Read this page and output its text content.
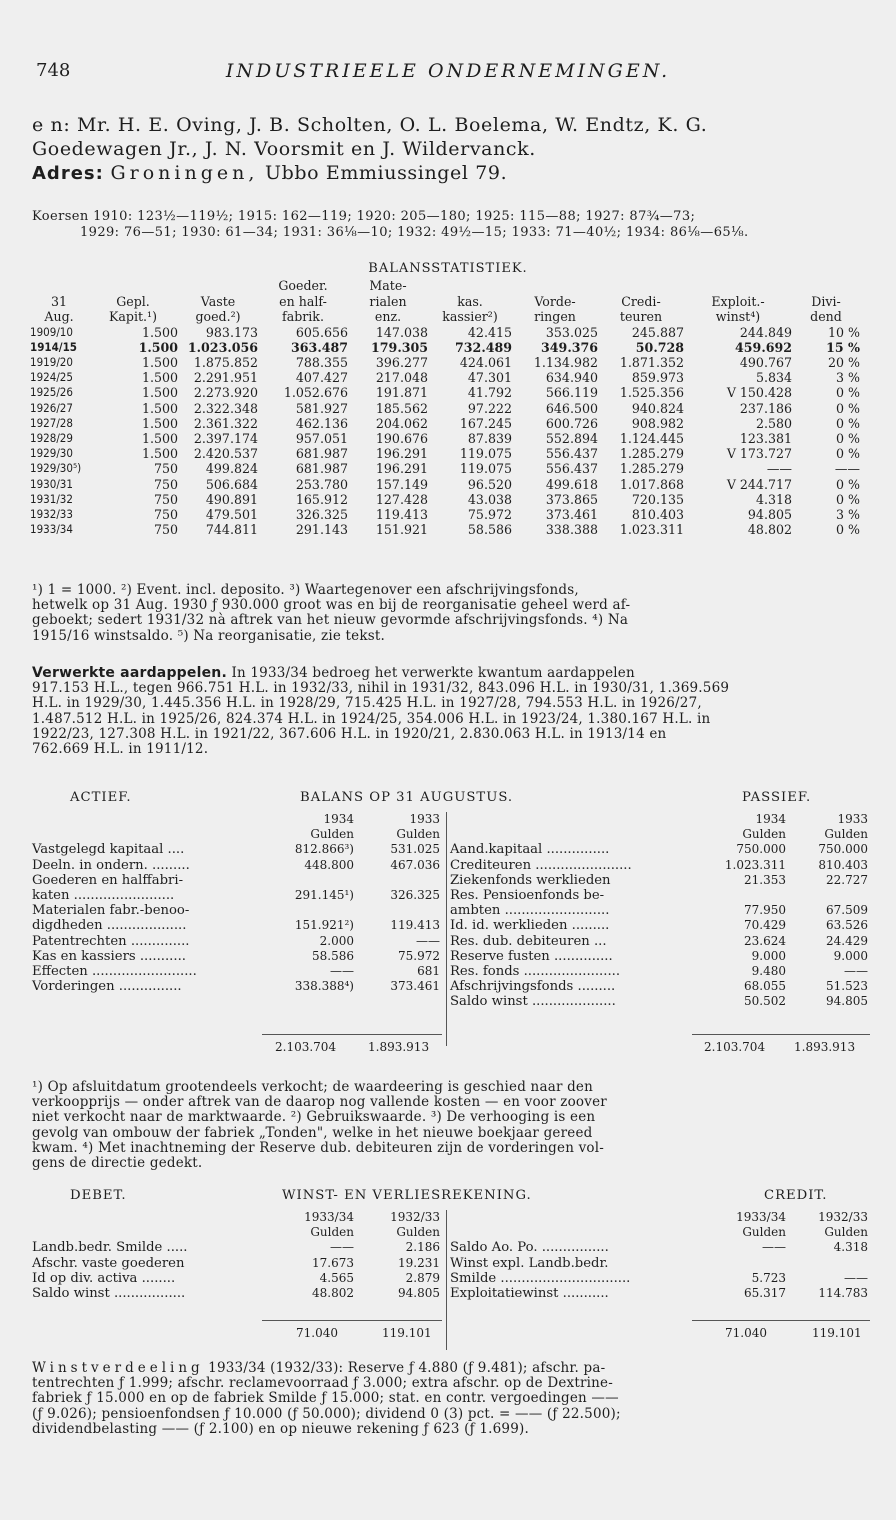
748	INDUSTRIEELE ONDERNEMINGEN.
e n: Mr. H. E. Oving, J. B. Scholten, O. L. Boelema, W. Endtz, K. G.
Goedewagen Jr., J. N. Voorsmit en J. Wildervanck.
Adres: Groningen, Ubbo Emmiussingel 79.
Koersen 1910: 123½—119½; 1915: 162—119; 1920: 205—180; 1925: 115—88; 1927: 87¾—73;
1929: 76—51; 1930: 61—34; 1931: 36⅛—10; 1932: 49½—15; 1933: 71—40½; 1934: 86⅛—65⅛.
BALANSSTATISTIEK.
			Goeder.	Mate-					
31	Gepl.	Vaste	en half-	rialen	kas.	Vorde-	Credi-	Exploit.-	Divi-
Aug.	Kapit.¹)	goed.²)	fabrik.	enz.	kassier²)	ringen	teuren	winst⁴)	dend
1909/10	1.500	983.173	605.656	147.038	42.415	353.025	245.887	244.849	10 %
1914/15	1.500	1.023.056	363.487	179.305	732.489	349.376	50.728	459.692	15 %
1919/20	1.500	1.875.852	788.355	396.277	424.061	1.134.982	1.871.352	490.767	20 %
1924/25	1.500	2.291.951	407.427	217.048	47.301	634.940	859.973	5.834	3 %
1925/26	1.500	2.273.920	1.052.676	191.871	41.792	566.119	1.525.356	V 150.428	0 %
1926/27	1.500	2.322.348	581.927	185.562	97.222	646.500	940.824	237.186	0 %
1927/28	1.500	2.361.322	462.136	204.062	167.245	600.726	908.982	2.580	0 %
1928/29	1.500	2.397.174	957.051	190.676	87.839	552.894	1.124.445	123.381	0 %
1929/30	1.500	2.420.537	681.987	196.291	119.075	556.437	1.285.279	V 173.727	0 %
1929/30⁵)	750	499.824	681.987	196.291	119.075	556.437	1.285.279	——	——
1930/31	750	506.684	253.780	157.149	96.520	499.618	1.017.868	V 244.717	0 %
1931/32	750	490.891	165.912	127.428	43.038	373.865	720.135	4.318	0 %
1932/33	750	479.501	326.325	119.413	75.972	373.461	810.403	94.805	3 %
1933/34	750	744.811	291.143	151.921	58.586	338.388	1.023.311	48.802	0 %
¹) 1 = 1000. ²) Event. incl. deposito. ³) Waartegenover een afschrijvingsfonds,
hetwelk op 31 Aug. 1930 ƒ 930.000 groot was en bij de reorganisatie geheel werd af-
geboekt; sedert 1931/32 nà aftrek van het nieuw gevormde afschrijvingsfonds. ⁴) Na
1915/16 winstsaldo. ⁵) Na reorganisatie, zie tekst.
Verwerkte aardappelen. In 1933/34 bedroeg het verwerkte kwantum aardappelen
917.153 H.L., tegen 966.751 H.L. in 1932/33, nihil in 1931/32, 843.096 H.L. in 1930/31, 1.369.569
H.L. in 1929/30, 1.445.356 H.L. in 1928/29, 715.425 H.L. in 1927/28, 794.553 H.L. in 1926/27,
1.487.512 H.L. in 1925/26, 824.374 H.L. in 1924/25, 354.006 H.L. in 1923/24, 1.380.167 H.L. in
1922/23, 127.308 H.L. in 1921/22, 367.606 H.L. in 1920/21, 2.830.063 H.L. in 1913/14 en
762.669 H.L. in 1911/12.
ACTIEF.	BALANS OP 31 AUGUSTUS.	PASSIEF.
	1934	1933
	Gulden	Gulden
Vastgelegd kapitaal ....	812.866³)	531.025
Deeln. in ondern. .........	448.800	467.036
Goederen en halffabri-		
katen ........................	291.145¹)	326.325
Materialen fabr.-benoo-		
digdheden ...................	151.921²)	119.413
Patentrechten ..............	2.000	——
Kas en kassiers ...........	58.586	75.972
Effecten .........................	——	681
Vorderingen ...............	338.388⁴)	373.461
	1934	1933
	Gulden	Gulden
Aand.kapitaal ...............	750.000	750.000
Crediteuren .......................	1.023.311	810.403
Ziekenfonds werklieden	21.353	22.727
Res. Pensioenfonds be-		
ambten .........................	77.950	67.509
Id. id. werklieden .........	70.429	63.526
Res. dub. debiteuren ...	23.624	24.429
Reserve fusten ..............	9.000	9.000
Res. fonds .......................	9.480	——
Afschrijvingsfonds .........	68.055	51.523
Saldo winst ....................	50.502	94.805
2.103.704	1.893.913	2.103.704 1.893.913
¹) Op afsluitdatum grootendeels verkocht; de waardeering is geschied naar den
verkoopprijs — onder aftrek van de daarop nog vallende kosten — en voor zoover
niet verkocht naar de marktwaarde. ²) Gebruikswaarde. ³) De verhooging is een
gevolg van ombouw der fabriek „Tonden", welke in het nieuwe boekjaar gereed
kwam. ⁴) Met inachtneming der Reserve dub. debiteuren zijn de vorderingen vol-
gens de directie gedekt.
DEBET.	WINST- EN VERLIESREKENING.	CREDIT.
	1933/34	1932/33
	Gulden	Gulden
Landb.bedr. Smilde .....	——	2.186
Afschr. vaste goederen	17.673	19.231
Id op div. activa ........	4.565	2.879
Saldo winst .................	48.802	94.805
	1933/34	1932/33
	Gulden	Gulden
Saldo Ao. Po. ................	——	4.318
Winst expl. Landb.bedr.		
Smilde ...............................	5.723	——
Exploitatiewinst ...........	65.317	114.783
71.040	119.101	71.040	119.101
Winstverdeeling 1933/34 (1932/33): Reserve ƒ 4.880 (ƒ 9.481); afschr. pa-
tentrechten ƒ 1.999; afschr. reclamevoorraad ƒ 3.000; extra afschr. op de Dextrine-
fabriek ƒ 15.000 en op de fabriek Smilde ƒ 15.000; stat. en contr. vergoedingen ——
(ƒ 9.026); pensioenfondsen ƒ 10.000 (ƒ 50.000); dividend 0 (3) pct. = —— (ƒ 22.500);
dividendbelasting —— (ƒ 2.100) en op nieuwe rekening ƒ 623 (ƒ 1.699).
